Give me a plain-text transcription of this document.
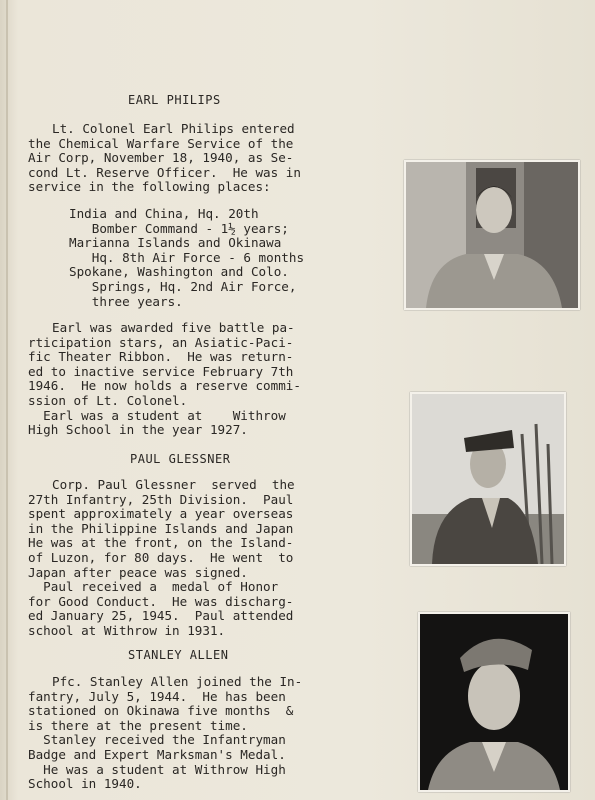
EARL PHILIPS
Lt. Colonel Earl Philips entered
the Chemical Warfare Service of the
Air Corp, November 18, 1940, as Se-
cond Lt. Reserve Officer.  He was in
service in the following places:
India and China, Hq. 20th
Bomber Command - 1½ years;
Marianna Islands and Okinawa
Hq. 8th Air Force - 6 months
Spokane, Washington and Colo.
Springs, Hq. 2nd Air Force,
three years.
Earl was awarded five battle pa-
rticipation stars, an Asiatic-Paci-
fic Theater Ribbon.  He was return-
ed to inactive service February 7th
1946.  He now holds a reserve commi-
ssion of Lt. Colonel.
Earl was a student at    Withrow
High School in the year 1927.
PAUL GLESSNER
Corp. Paul Glessner  served  the
27th Infantry, 25th Division.  Paul
spent approximately a year overseas
in the Philippine Islands and Japan
He was at the front, on the Island-
of Luzon, for 80 days.  He went  to
Japan after peace was signed.
Paul received a  medal of Honor
for Good Conduct.  He was discharg-
ed January 25, 1945.  Paul attended
school at Withrow in 1931.
STANLEY ALLEN
Pfc. Stanley Allen joined the In-
fantry, July 5, 1944.  He has been
stationed on Okinawa five months  &
is there at the present time.
Stanley received the Infantryman
Badge and Expert Marksman's Medal.
He was a student at Withrow High
School in 1940.
